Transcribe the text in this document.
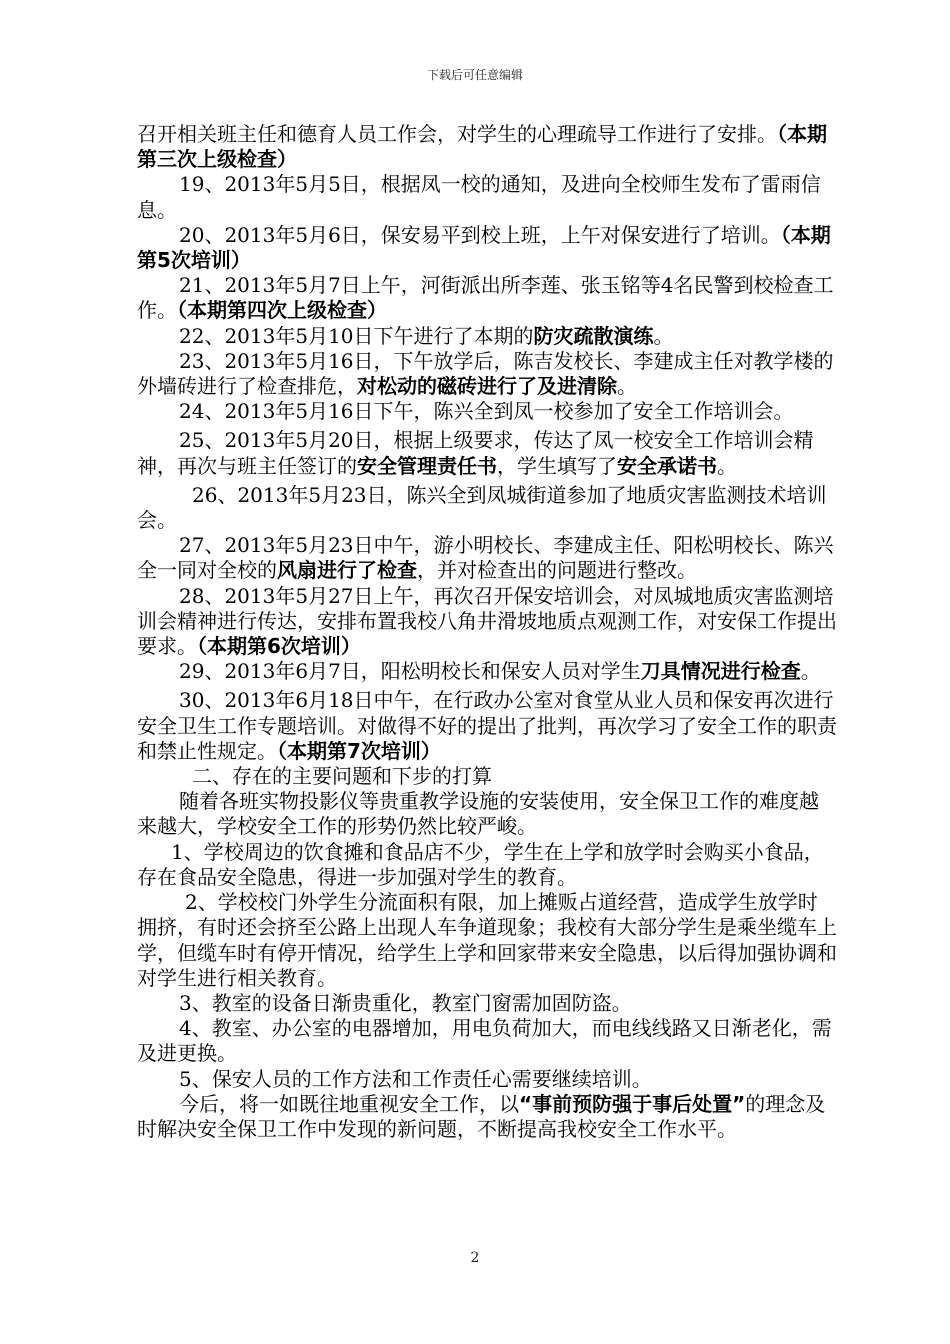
下载后可任意编辑

召开相关班主任和德育人员工作会，对学生的心理疏导工作进行了安排。（本期第三次上级检查）

19、2013年5月5日，根据凤一校的通知，及进向全校师生发布了雷雨信息。

20、2013年5月6日，保安易平到校上班，上午对保安进行了培训。（本期第5次培训）

21、2013年5月7日上午，河街派出所李莲、张玉铭等4名民警到校检查工作。（本期第四次上级检查）

22、2013年5月10日下午进行了本期的防灾疏散演练。

23、2013年5月16日，下午放学后，陈吉发校长、李建成主任对教学楼的外墙砖进行了检查排危，对松动的磁砖进行了及进清除。

24、2013年5月16日下午，陈兴全到凤一校参加了安全工作培训会。

25、2013年5月20日，根据上级要求，传达了凤一校安全工作培训会精神，再次与班主任签订的安全管理责任书，学生填写了安全承诺书。

26、2013年5月23日，陈兴全到凤城街道参加了地质灾害监测技术培训会。

27、2013年5月23日中午，游小明校长、李建成主任、阳松明校长、陈兴全一同对全校的风扇进行了检查，并对检查出的问题进行整改。

28、2013年5月27日上午，再次召开保安培训会，对凤城地质灾害监测培训会精神进行传达，安排布置我校八角井滑坡地质点观测工作，对安保工作提出要求。（本期第6次培训）

29、2013年6月7日，阳松明校长和保安人员对学生刀具情况进行检查。

30、2013年6月18日中午，在行政办公室对食堂从业人员和保安再次进行安全卫生工作专题培训。对做得不好的提出了批判，再次学习了安全工作的职责和禁止性规定。（本期第7次培训）

二、存在的主要问题和下步的打算

随着各班实物投影仪等贵重教学设施的安装使用，安全保卫工作的难度越来越大，学校安全工作的形势仍然比较严峻。

1、学校周边的饮食摊和食品店不少，学生在上学和放学时会购买小食品，存在食品安全隐患，得进一步加强对学生的教育。

2、学校校门外学生分流面积有限，加上摊贩占道经营，造成学生放学时拥挤，有时还会挤至公路上出现人车争道现象；我校有大部分学生是乘坐缆车上学，但缆车时有停开情况，给学生上学和回家带来安全隐患，以后得加强协调和对学生进行相关教育。

3、教室的设备日渐贵重化，教室门窗需加固防盗。

4、教室、办公室的电器增加，用电负荷加大，而电线线路又日渐老化，需及进更换。

5、保安人员的工作方法和工作责任心需要继续培训。

今后，将一如既往地重视安全工作，以“事前预防强于事后处置”的理念及时解决安全保卫工作中发现的新问题，不断提高我校安全工作水平。

2
